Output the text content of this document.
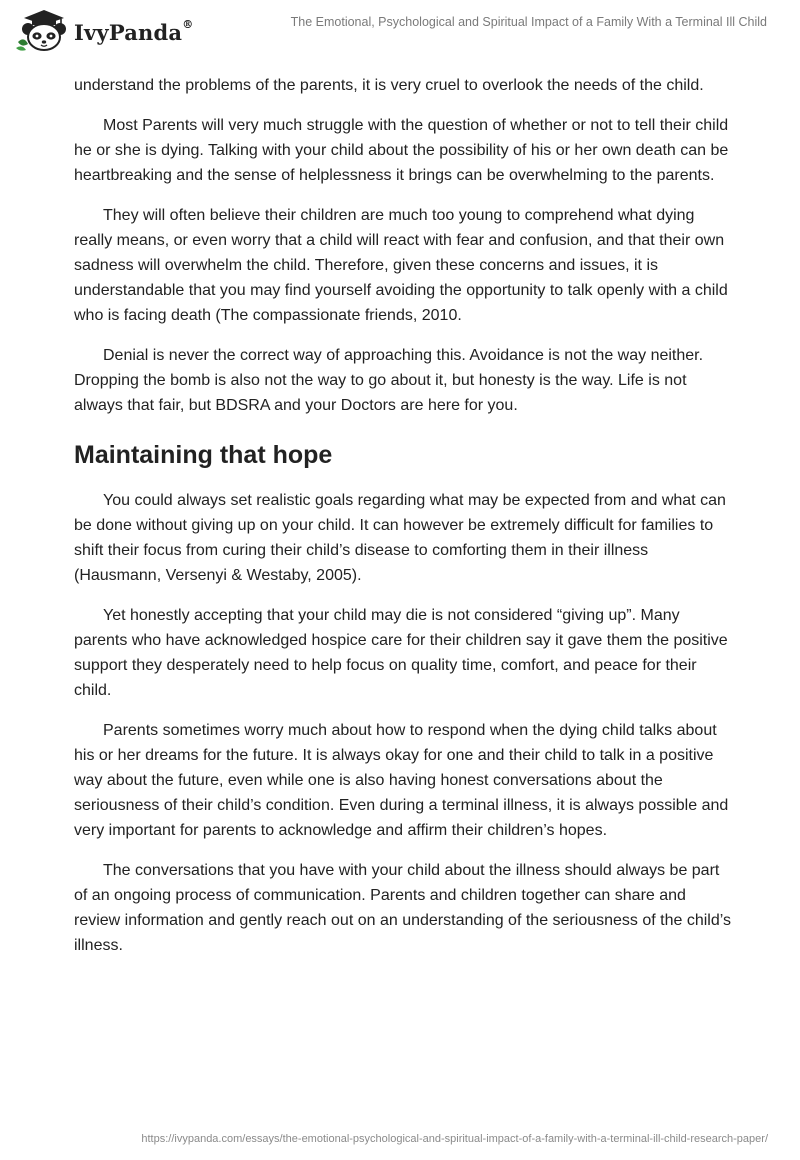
IvyPanda®	The Emotional, Psychological and Spiritual Impact of a Family With a Terminal Ill Child

understand the problems of the parents, it is very cruel to overlook the needs of the child.

Most Parents will very much struggle with the question of whether or not to tell their child he or she is dying. Talking with your child about the possibility of his or her own death can be heartbreaking and the sense of helplessness it brings can be overwhelming to the parents.

They will often believe their children are much too young to comprehend what dying really means, or even worry that a child will react with fear and confusion, and that their own sadness will overwhelm the child. Therefore, given these concerns and issues, it is understandable that you may find yourself avoiding the opportunity to talk openly with a child who is facing death (The compassionate friends, 2010.

Denial is never the correct way of approaching this. Avoidance is not the way neither. Dropping the bomb is also not the way to go about it, but honesty is the way. Life is not always that fair, but BDSRA and your Doctors are here for you.

Maintaining that hope

You could always set realistic goals regarding what may be expected from and what can be done without giving up on your child. It can however be extremely difficult for families to shift their focus from curing their child’s disease to comforting them in their illness (Hausmann, Versenyi & Westaby, 2005).

Yet honestly accepting that your child may die is not considered “giving up”. Many parents who have acknowledged hospice care for their children say it gave them the positive support they desperately need to help focus on quality time, comfort, and peace for their child.

Parents sometimes worry much about how to respond when the dying child talks about his or her dreams for the future. It is always okay for one and their child to talk in a positive way about the future, even while one is also having honest conversations about the seriousness of their child’s condition. Even during a terminal illness, it is always possible and very important for parents to acknowledge and affirm their children’s hopes.

The conversations that you have with your child about the illness should always be part of an ongoing process of communication. Parents and children together can share and review information and gently reach out on an understanding of the seriousness of the child’s illness.

https://ivypanda.com/essays/the-emotional-psychological-and-spiritual-impact-of-a-family-with-a-terminal-ill-child-research-paper/
